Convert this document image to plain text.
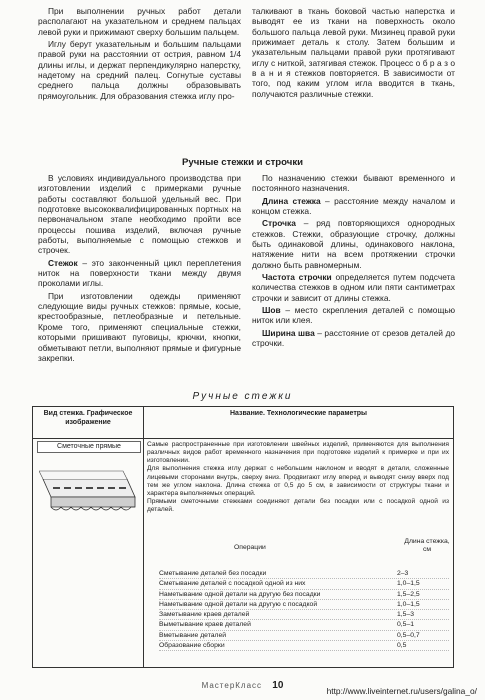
При выполнении ручных работ детали располагают на указательном и среднем пальцах левой руки и прижимают сверху большим пальцем.

Иглу берут указательным и большим пальцами правой руки на расстоянии от острия, равном 1/4 длины иглы, и держат перпендикулярно наперстку, надетому на средний палец. Согнутые суставы среднего пальца должны образовывать прямоугольник. Для образования стежка иглу про-

талкивают в ткань боковой частью наперстка и выводят ее из ткани на поверхность около большого пальца левой руки. Мизинец правой руки прижимает деталь к столу. Затем большим и указательным пальцами правой руки протягивают иглу с ниткой, затягивая стежок. Процесс о б р а з о в а н и я стежков повторяется. В зависимости от того, под каким углом игла вводится в ткань, получаются различные стежки.

Ручные стежки и строчки

В условиях индивидуального производства при изготовлении изделий с примерками ручные работы составляют большой удельный вес. При подготовке высококвалифицированных портных на первоначальном этапе необходимо пройти все процессы пошива изделий, включая ручные работы, выполняемые с помощью стежков и строчек.

Стежок – это законченный цикл переплетения ниток на поверхности ткани между двумя проколами иглы.

При изготовлении одежды применяют следующие виды ручных стежков: прямые, косые, крестообразные, петлеобразные и петельные. Кроме того, применяют специальные стежки, которыми пришивают пуговицы, крючки, кнопки, обметывают петли, выполняют прямые и фигурные закрепки.

По назначению стежки бывают временного и постоянного назначения.

Длина стежка – расстояние между началом и концом стежка.

Строчка – ряд повторяющихся однородных стежков. Стежки, образующие строчку, должны быть одинаковой длины, одинакового наклона, натяжение нити на всем протяжении строчки должно быть равномерным.

Частота строчки определяется путем подсчета количества стежков в одном или пяти сантиметрах строчки и зависит от длины стежка.

Шов – место скрепления деталей с помощью ниток или клея.

Ширина шва – расстояние от срезов деталей до строчки.

Ручные стежки
Вид стежка. Графическое изображение
Название. Технологические параметры
Сметочные прямые	Самые распространенные при изготовлении швейных изделий, применяются для выполнения различных видов работ временного назначения при подготовке изделий к примерке и при их изготовлении.

Для выполнения стежка иглу держат с небольшим наклоном и вводят в детали, сложенные лицевыми сторонами внутрь, сверху вниз. Продвигают иглу вперед и выводят снизу вверх под тем же углом наклона. Длина стежка от 0,5 до 5 см, в зависимости от структуры ткани и характера выполняемых операций.

Прямыми сметочными стежками соединяют детали без посадки или с посадкой одной из деталей.

Операции
Длина стежка, см
Сметывание деталей без посадки	2–3
Сметывание деталей с посадкой одной из них	1,0–1,5
Наметывание одной детали на другую без посадки	1,5–2,5
Наметывание одной детали на другую с посадкой	1,0–1,5
Заметывание краев деталей	1,5–3
Выметывание краев деталей	0,5–1
Вметывание деталей	0,5–0,7
Образование сборки	0,5
МастерКласс 10	http://www.liveinternet.ru/users/galina_o/
